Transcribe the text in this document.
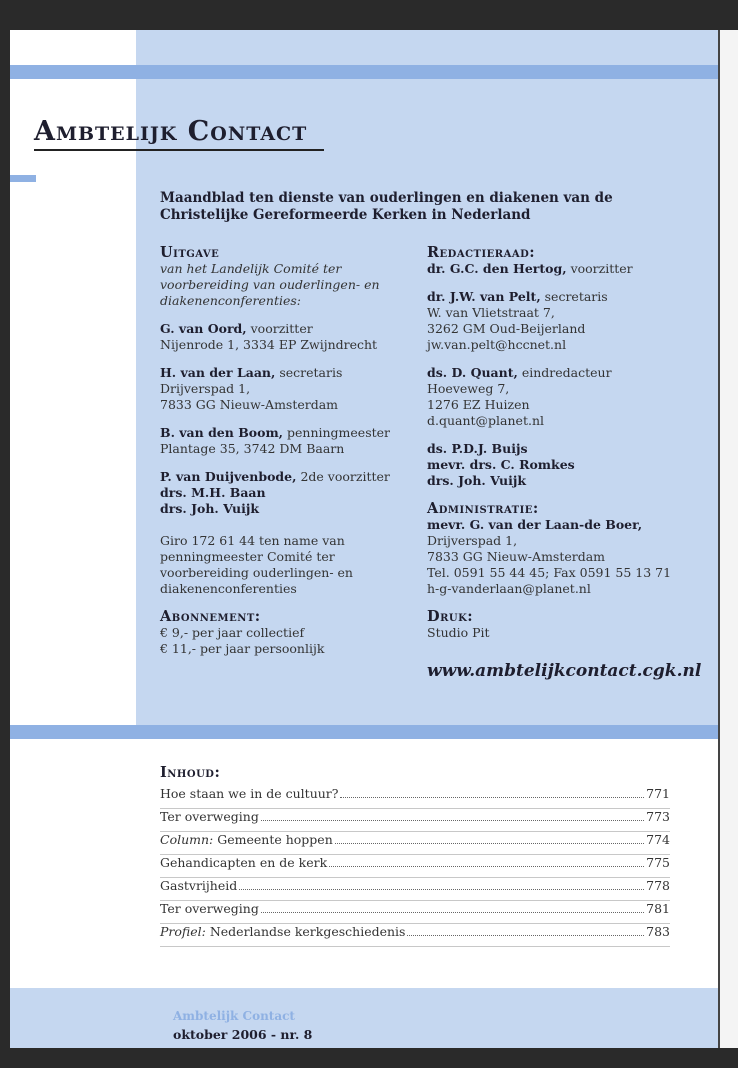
Ambtelijk Contact
Maandblad ten dienste van ouderlingen en diakenen van de Christelijke Gereformeerde Kerken in Nederland
Uitgave
van het Landelijk Comité ter voorbereiding van ouderlingen- en diakenenconferenties:
G. van Oord, voorzitter
Nijenrode 1, 3334 EP Zwijndrecht
H. van der Laan, secretaris
Drijverspad 1,
7833 GG Nieuw-Amsterdam
B. van den Boom, penningmeester
Plantage 35, 3742 DM Baarn
P. van Duijvenbode, 2de voorzitter
drs. M.H. Baan
drs. Joh. Vuijk
Giro 172 61 44 ten name van penningmeester Comité ter voorbereiding ouderlingen- en diakenenconferenties
Abonnement:
€ 9,- per jaar collectief
€ 11,- per jaar persoonlijk
Redactieraad:
dr. G.C. den Hertog, voorzitter
dr. J.W. van Pelt, secretaris
W. van Vlietstraat 7,
3262 GM Oud-Beijerland
jw.van.pelt@hccnet.nl
ds. D. Quant, eindredacteur
Hoeveweg 7,
1276 EZ Huizen
d.quant@planet.nl
ds. P.D.J. Buijs
mevr. drs. C. Romkes
drs. Joh. Vuijk
Administratie:
mevr. G. van der Laan-de Boer,
Drijverspad 1,
7833 GG Nieuw-Amsterdam
Tel. 0591 55 44 45; Fax 0591 55 13 71
h-g-vanderlaan@planet.nl
Druk:
Studio Pit
www.ambtelijkcontact.cgk.nl
Inhoud:
Hoe staan we in de cultuur?	771
Ter overweging	773
Column: Gemeente hoppen	774
Gehandicapten en de kerk	775
Gastvrijheid	778
Ter overweging	781
Profiel: Nederlandse kerkgeschiedenis	783
Ambtelijk Contact
oktober 2006 - nr. 8
